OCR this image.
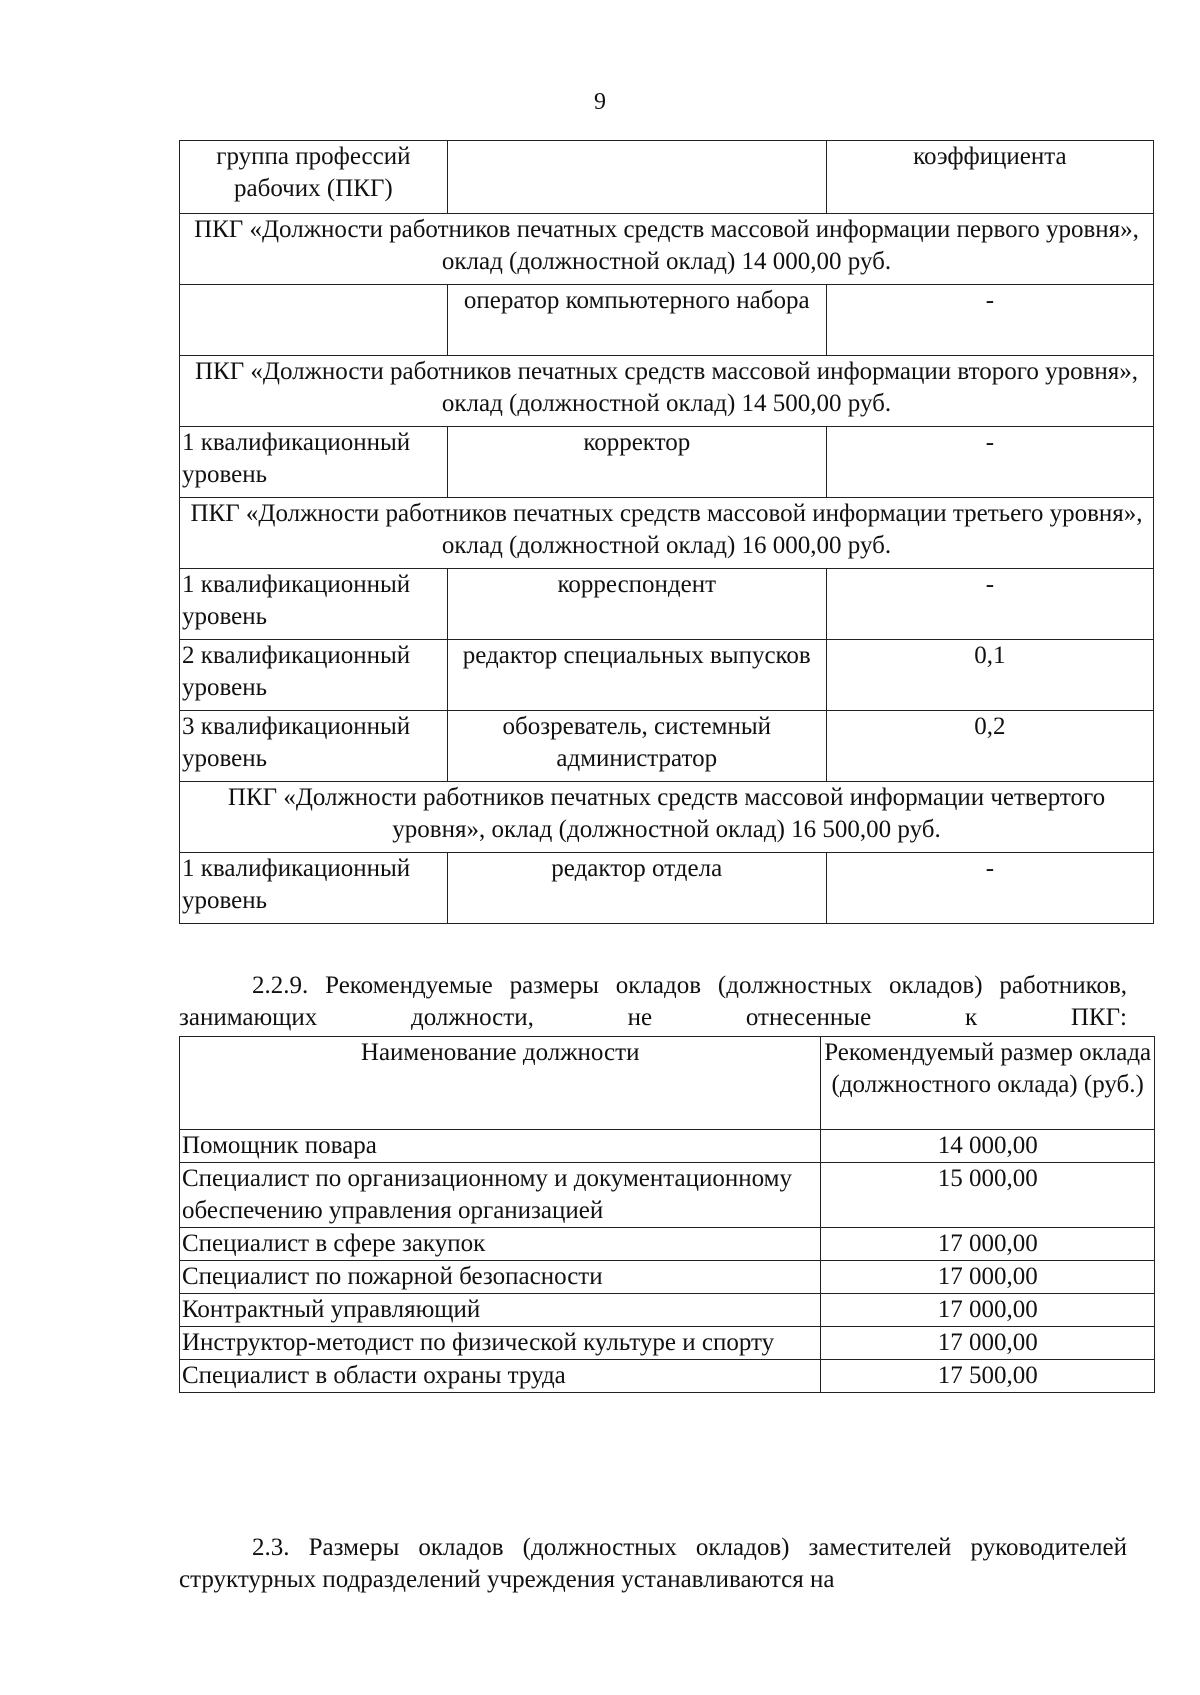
9
группа профессий рабочих (ПКГ)		коэффициента
ПКГ «Должности работников печатных средств массовой информации первого уровня», оклад (должностной оклад) 14 000,00 руб.		
	оператор компьютерного набора	-
ПКГ «Должности работников печатных средств массовой информации второго уровня», оклад (должностной оклад) 14 500,00 руб.		
1 квалификационный уровень	корректор	-
ПКГ «Должности работников печатных средств массовой информации третьего уровня», оклад (должностной оклад) 16 000,00 руб.		
1 квалификационный уровень	корреспондент	-
2 квалификационный уровень	редактор специальных выпусков	0,1
3 квалификационный уровень	обозреватель, системный администратор	0,2
ПКГ «Должности работников печатных средств массовой информации четвертого уровня», оклад (должностной оклад) 16 500,00 руб.		
1 квалификационный уровень	редактор отдела	-
2.2.9. Рекомендуемые размеры окладов (должностных окладов) работников, занимающих должности, не отнесенные к ПКГ:
Наименование должности	Рекомендуемый размер оклада (должностного оклада) (руб.)
Помощник повара	14 000,00
Специалист по организационному и документационному обеспечению управления организацией	15 000,00
Специалист в сфере закупок	17 000,00
Специалист по пожарной безопасности	17 000,00
Контрактный управляющий	17 000,00
Инструктор-методист по физической культуре и спорту	17 000,00
Специалист в области охраны труда	17 500,00
2.3. Размеры окладов (должностных окладов) заместителей руководителей структурных подразделений учреждения устанавливаются на
